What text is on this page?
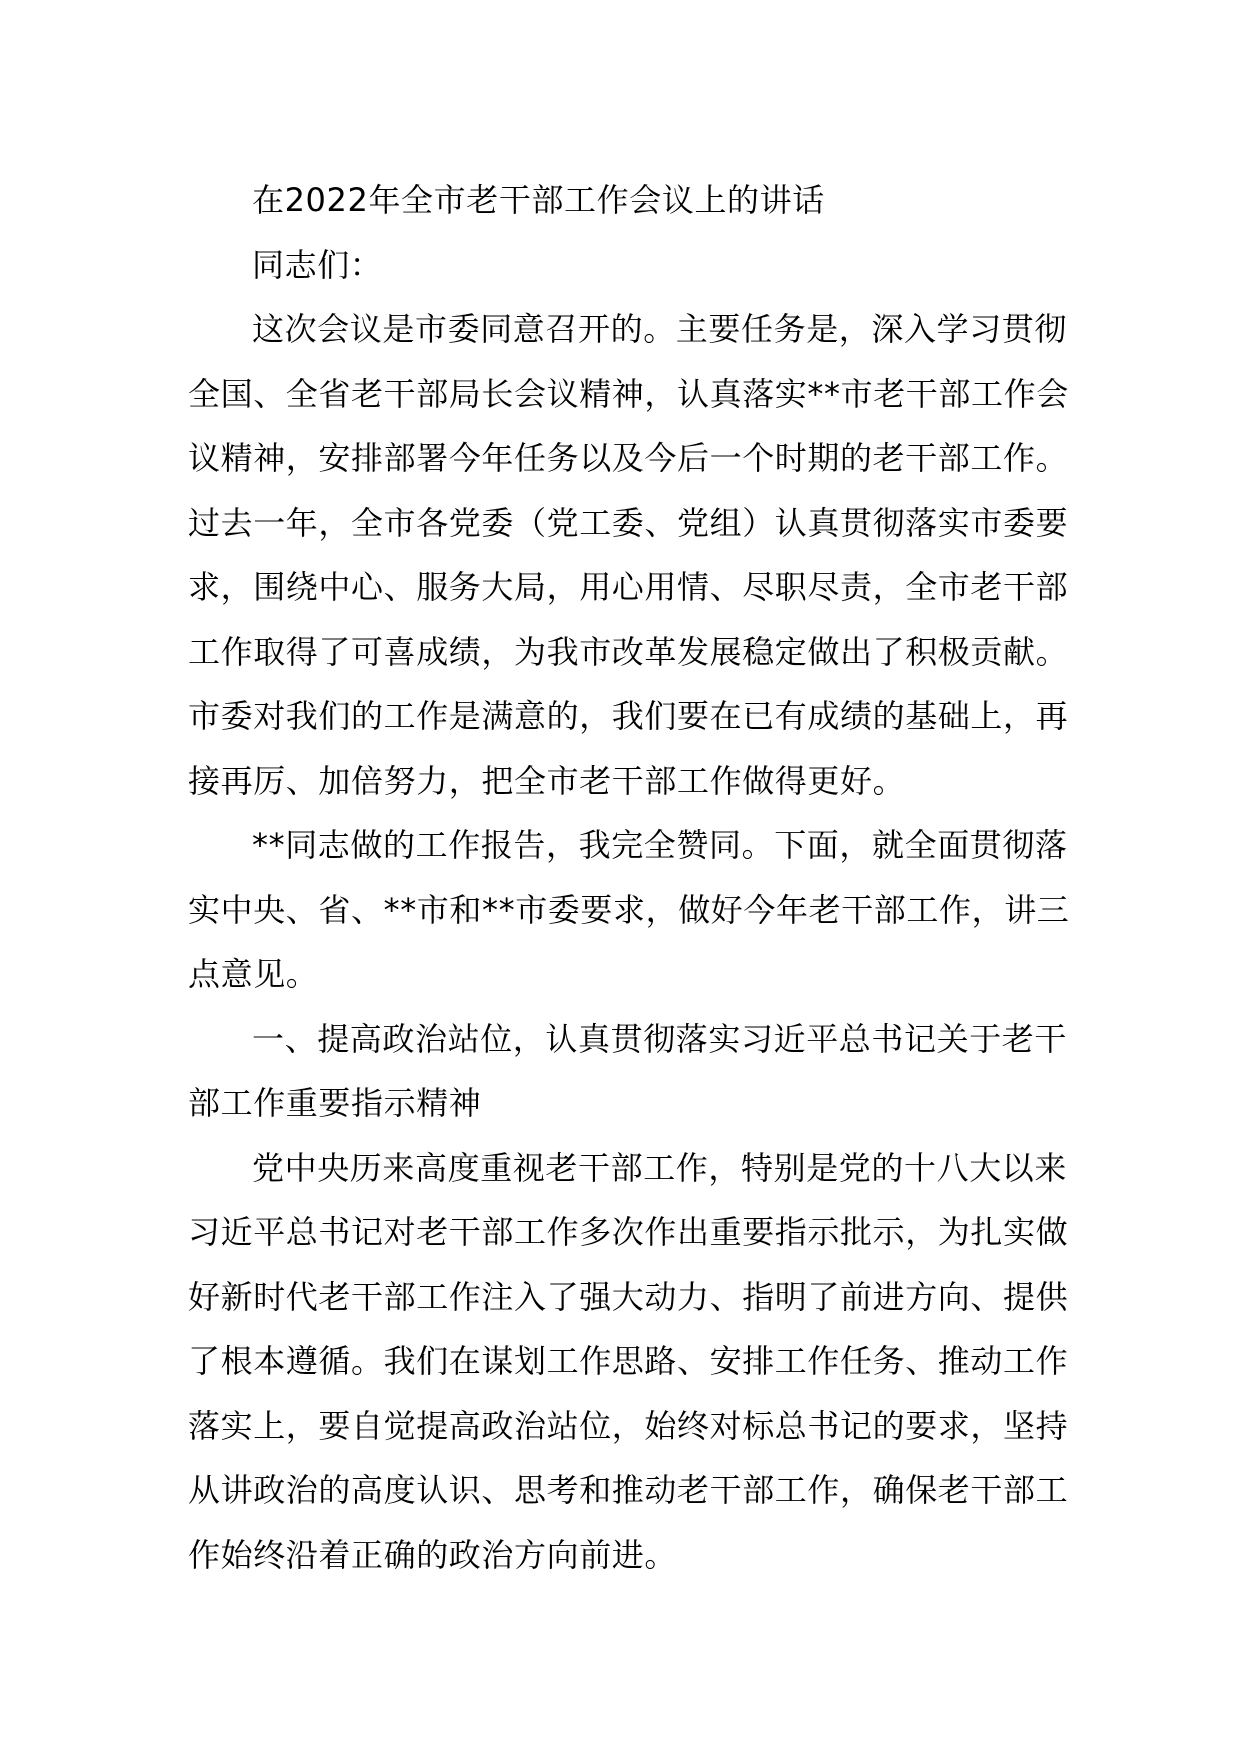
在2022年全市老干部工作会议上的讲话
同志们：
这次会议是市委同意召开的。主要任务是，深入学习贯彻
全国、全省老干部局长会议精神，认真落实**市老干部工作会
议精神，安排部署今年任务以及今后一个时期的老干部工作。
过去一年，全市各党委（党工委、党组）认真贯彻落实市委要
求，围绕中心、服务大局，用心用情、尽职尽责，全市老干部
工作取得了可喜成绩，为我市改革发展稳定做出了积极贡献。
市委对我们的工作是满意的，我们要在已有成绩的基础上，再
接再厉、加倍努力，把全市老干部工作做得更好。
**同志做的工作报告，我完全赞同。下面，就全面贯彻落
实中央、省、**市和**市委要求，做好今年老干部工作，讲三
点意见。
一、提高政治站位，认真贯彻落实习近平总书记关于老干
部工作重要指示精神
党中央历来高度重视老干部工作，特别是党的十八大以来
习近平总书记对老干部工作多次作出重要指示批示，为扎实做
好新时代老干部工作注入了强大动力、指明了前进方向、提供
了根本遵循。我们在谋划工作思路、安排工作任务、推动工作
落实上，要自觉提高政治站位，始终对标总书记的要求，坚持
从讲政治的高度认识、思考和推动老干部工作，确保老干部工
作始终沿着正确的政治方向前进。
